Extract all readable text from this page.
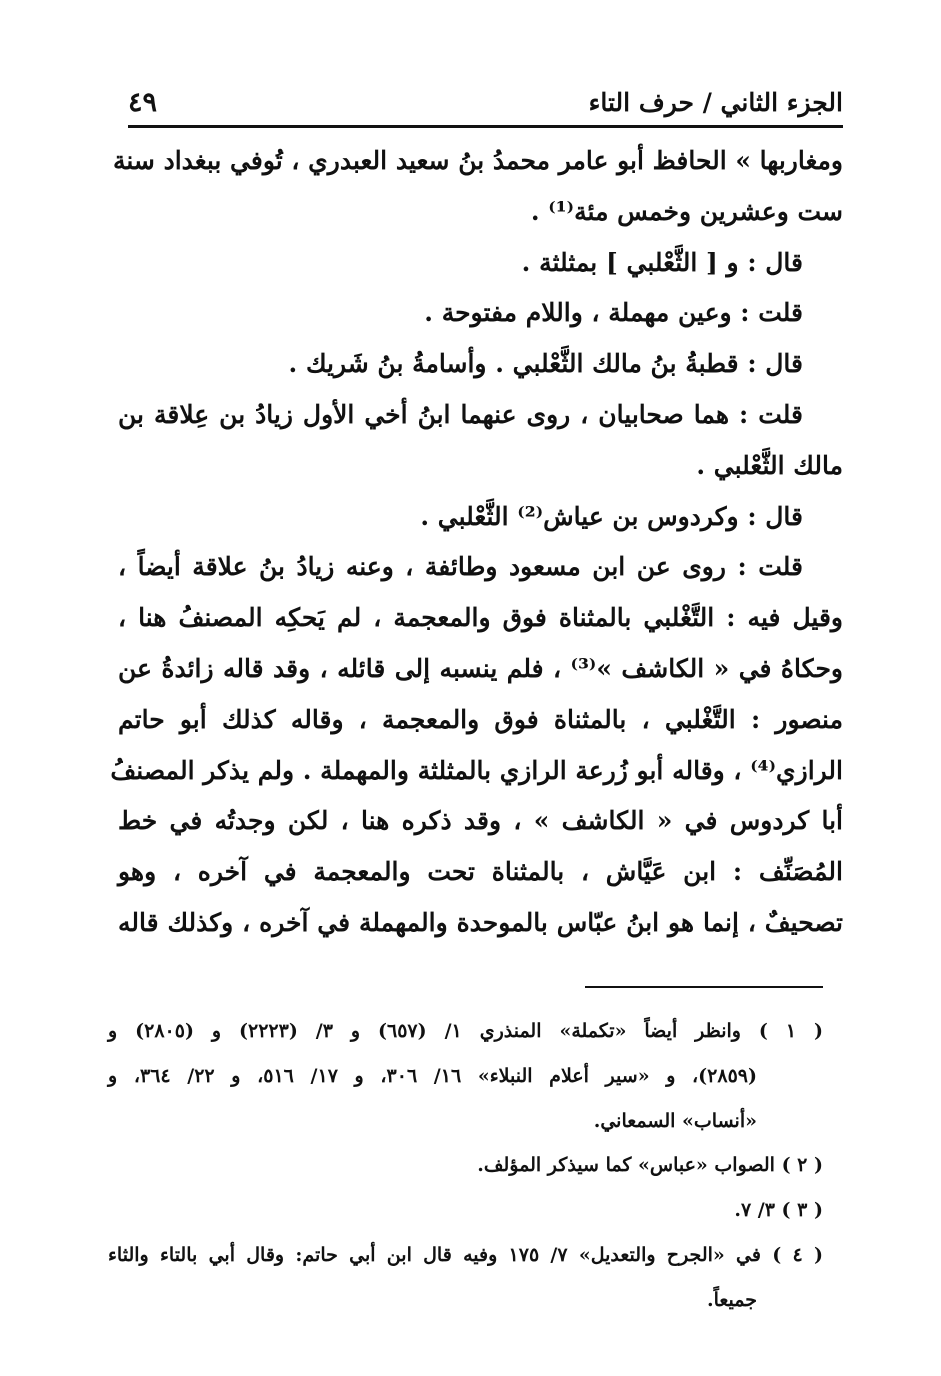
الجزء الثاني / حرف التاء
٤٩
ومغاربها » الحافظ أبو عامر محمدُ بنُ سعيد العبدري ، تُوفي ببغداد سنة
ست وعشرين وخمس مئة⁽¹⁾ .
قال : و [ الثَّعْلبي ] بمثلثة .
قلت : وعين مهملة ، واللام مفتوحة .
قال : قطبةُ بنُ مالك الثَّعْلبي . وأسامةُ بنُ شَريك .
قلت : هما صحابيان ، روى عنهما ابنُ أخي الأول زيادُ بن عِلاقة بن
مالك الثَّعْلبي .
قال : وكردوس بن عياش⁽²⁾ الثَّعْلبي .
قلت : روى عن ابن مسعود وطائفة ، وعنه زيادُ بنُ علاقة أيضاً ،
وقيل فيه : التَّغْلبي بالمثناة فوق والمعجمة ، لم يَحكِه المصنفُ هنا ،
وحكاهُ في « الكاشف »⁽³⁾ ، فلم ينسبه إلى قائله ، وقد قاله زائدةُ عن
منصور : التَّغْلبي ، بالمثناة فوق والمعجمة ، وقاله كذلك أبو حاتم
الرازي⁽⁴⁾ ، وقاله أبو زُرعة الرازي بالمثلثة والمهملة . ولم يذكر المصنفُ
أبا كردوس في « الكاشف » ، وقد ذكره هنا ، لكن وجدتُه في خط
المُصَنِّف : ابن عَيَّاش ، بالمثناة تحت والمعجمة في آخره ، وهو
تصحيفٌ ، إنما هو ابنُ عبّاس بالموحدة والمهملة في آخره ، وكذلك قاله
( ١ ) وانظر أيضاً «تكملة» المنذري ١/ (٦٥٧) و ٣/ (٢٢٢٣) و (٢٨٠٥) و
(٢٨٥٩)، و «سير أعلام النبلاء» ١٦/ ٣٠٦، و ١٧/ ٥١٦، و ٢٢/ ٣٦٤، و
«أنساب» السمعاني.
( ٢ ) الصواب «عباس» كما سيذكر المؤلف.
( ٣ ) ٣/ ٧.
( ٤ ) في «الجرح والتعديل» ٧/ ١٧٥ وفيه قال ابن أبي حاتم: وقال أبي بالتاء والثاء
جميعاً.
